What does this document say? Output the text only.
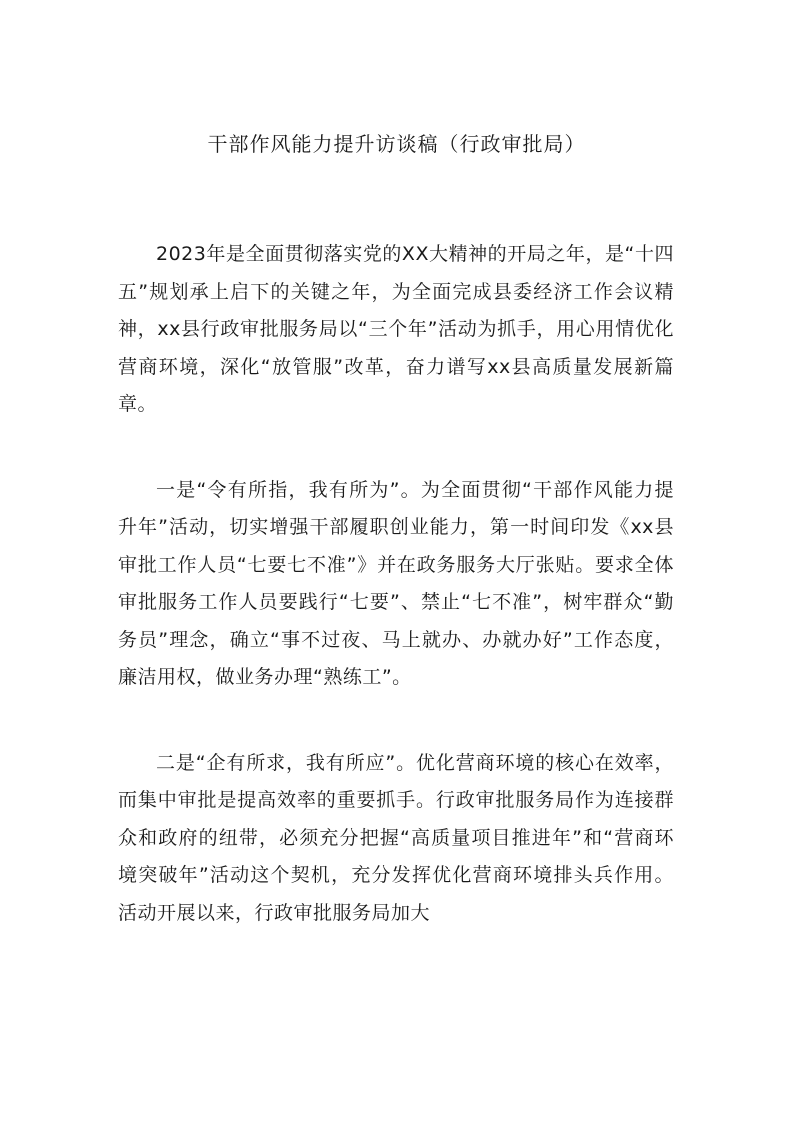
干部作风能力提升访谈稿（行政审批局）

2023年是全面贯彻落实党的XX大精神的开局之年，是“十四五”规划承上启下的关键之年，为全面完成县委经济工作会议精神，xx县行政审批服务局以“三个年”活动为抓手，用心用情优化营商环境，深化“放管服”改革，奋力谱写xx县高质量发展新篇章。

一是“令有所指，我有所为”。为全面贯彻“干部作风能力提升年”活动，切实增强干部履职创业能力，第一时间印发《xx县审批工作人员“七要七不准”》并在政务服务大厅张贴。要求全体审批服务工作人员要践行“七要”、禁止“七不准”，树牢群众“勤务员”理念，确立“事不过夜、马上就办、办就办好”工作态度，廉洁用权，做业务办理“熟练工”。

二是“企有所求，我有所应”。优化营商环境的核心在效率，而集中审批是提高效率的重要抓手。行政审批服务局作为连接群众和政府的纽带，必须充分把握“高质量项目推进年”和“营商环境突破年”活动这个契机，充分发挥优化营商环境排头兵作用。活动开展以来，行政审批服务局加大
